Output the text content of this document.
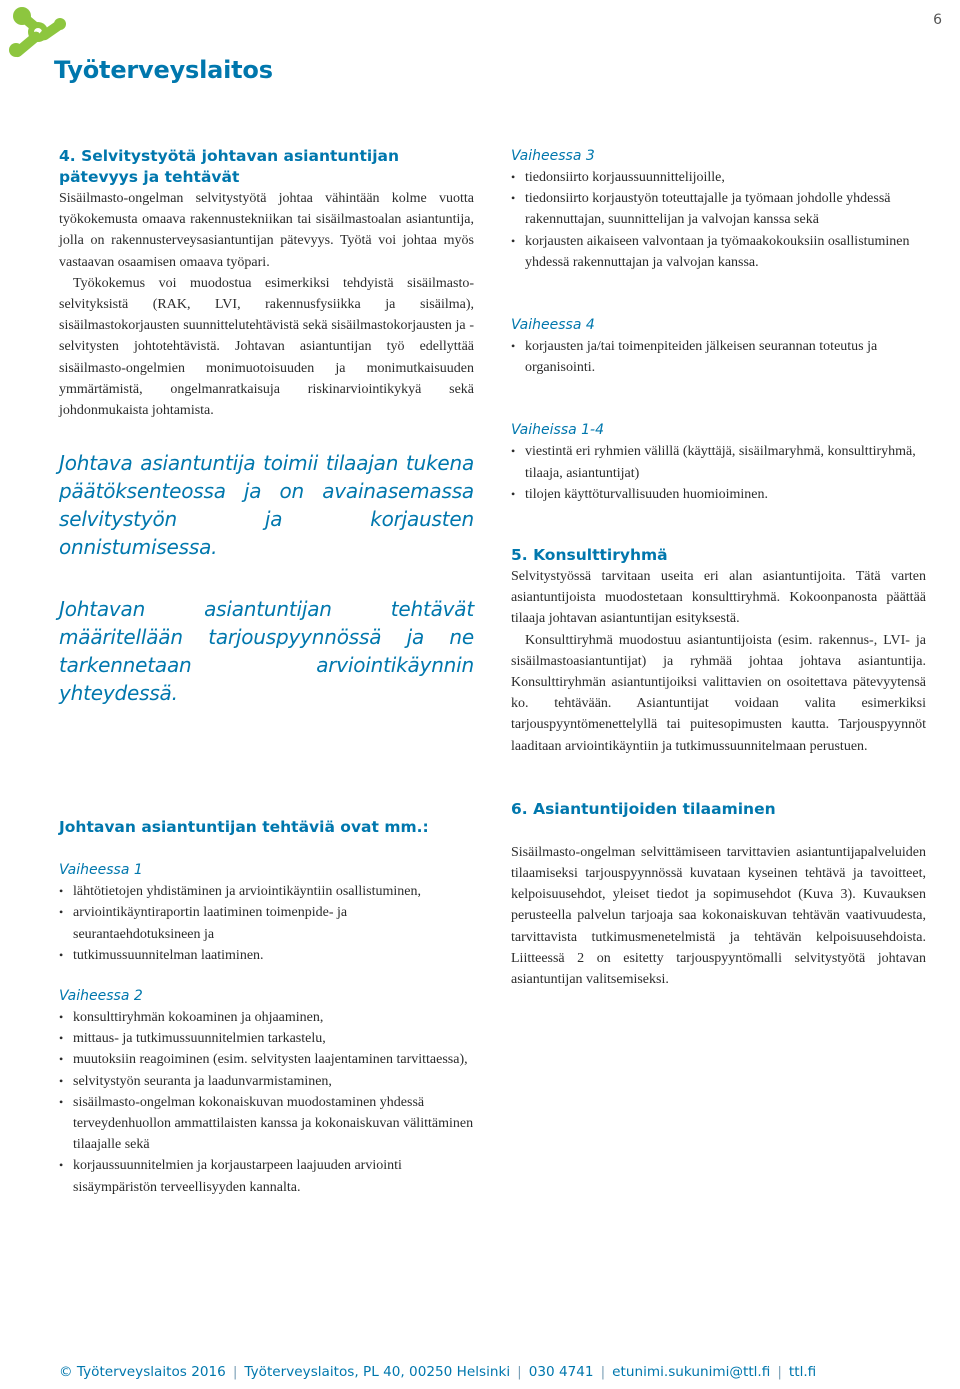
6
Työterveyslaitos
4. Selvitystyötä johtavan asiantuntijan pätevyys ja tehtävät

Sisäilmasto-ongelman selvitystyötä johtaa vähintään kolme vuotta työkokemusta omaava rakennustekniikan tai sisäilmastoalan asiantuntija, jolla on rakennusterveysasiantuntijan pätevyys. Työtä voi johtaa myös vastaavan osaamisen omaava työpari.

Työkokemus voi muodostua esimerkiksi tehdyistä sisäilmasto-selvityksistä (RAK, LVI, rakennusfysiikka ja sisäilma), sisäilmastokorjausten suunnittelutehtävistä sekä sisäilmastokorjausten ja -selvitysten johtotehtävistä. Johtavan asiantuntijan työ edellyttää sisäilmasto-ongelmien monimuotoisuuden ja monimutkaisuuden ymmärtämistä, ongelmanratkaisuja riskinarviointikykyä sekä johdonmukaista johtamista.

Johtava asiantuntija toimii tilaajan tukena päätöksenteossa ja on avainasemassa selvitystyön ja korjausten onnistumisessa.

Johtavan asiantuntijan tehtävät määritellään tarjouspyynnössä ja ne tarkennetaan arviointikäynnin yhteydessä.

Johtavan asiantuntijan tehtäviä ovat mm.:

Vaiheessa 1

• lähtötietojen yhdistäminen ja arviointikäyntiin osallistuminen,
• arviointikäyntiraportin laatiminen toimenpide- ja seurantaehdotuksineen ja
• tutkimussuunnitelman laatiminen.

Vaiheessa 2

• konsulttiryhmän kokoaminen ja ohjaaminen,
• mittaus- ja tutkimussuunnitelmien tarkastelu,
• muutoksiin reagoiminen (esim. selvitysten laajentaminen tarvittaessa),
• selvitystyön seuranta ja laadunvarmistaminen,
• sisäilmasto-ongelman kokonaiskuvan muodostaminen yhdessä terveydenhuollon ammattilaisten kanssa ja kokonaiskuvan välittäminen tilaajalle sekä
• korjaussuunnitelmien ja korjaustarpeen laajuuden arviointi sisäympäristön terveellisyyden kannalta.

Vaiheessa 3

• tiedonsiirto korjaussuunnittelijoille,
• tiedonsiirto korjaustyön toteuttajalle ja työmaan johdolle yhdessä rakennuttajan, suunnittelijan ja valvojan kanssa sekä
• korjausten aikaiseen valvontaan ja työmaakokouksiin osallistuminen yhdessä rakennuttajan ja valvojan kanssa.

Vaiheessa 4

• korjausten ja/tai toimenpiteiden jälkeisen seurannan toteutus ja organisointi.

Vaiheissa 1-4

• viestintä eri ryhmien välillä (käyttäjä, sisäilmaryhmä, konsulttiryhmä, tilaaja, asiantuntijat)
• tilojen käyttöturvallisuuden huomioiminen.
5. Konsulttiryhmä

Selvitystyössä tarvitaan useita eri alan asiantuntijoita. Tätä varten asiantuntijoista muodostetaan konsulttiryhmä. Kokoonpanosta päättää tilaaja johtavan asiantuntijan esityksestä.

Konsulttiryhmä muodostuu asiantuntijoista (esim. rakennus-, LVI- ja sisäilmastoasiantuntijat) ja ryhmää johtaa johtava asiantuntija. Konsulttiryhmän asiantuntijoiksi valittavien on osoitettava pätevyytensä ko. tehtävään. Asiantuntijat voidaan valita esimerkiksi tarjouspyyntömenettelyllä tai puitesopimusten kautta. Tarjouspyynnöt laaditaan arviointikäyntiin ja tutkimussuunnitelmaan perustuen.

6. Asiantuntijoiden tilaaminen

Sisäilmasto-ongelman selvittämiseen tarvittavien asiantuntijapalveluiden tilaamiseksi tarjouspyynnössä kuvataan kyseinen tehtävä ja tavoitteet, kelpoisuusehdot, yleiset tiedot ja sopimusehdot (Kuva 3). Kuvauksen perusteella palvelun tarjoaja saa kokonaiskuvan tehtävän vaativuudesta, tarvittavista tutkimusmenetelmistä ja tehtävän kelpoisuusehdoista. Liitteessä 2 on esitetty tarjouspyyntömalli selvitystyötä johtavan asiantuntijan valitsemiseksi.

© Työterveyslaitos 2016 | Työterveyslaitos, PL 40, 00250 Helsinki | 030 4741 | etunimi.sukunimi@ttl.fi | ttl.fi
